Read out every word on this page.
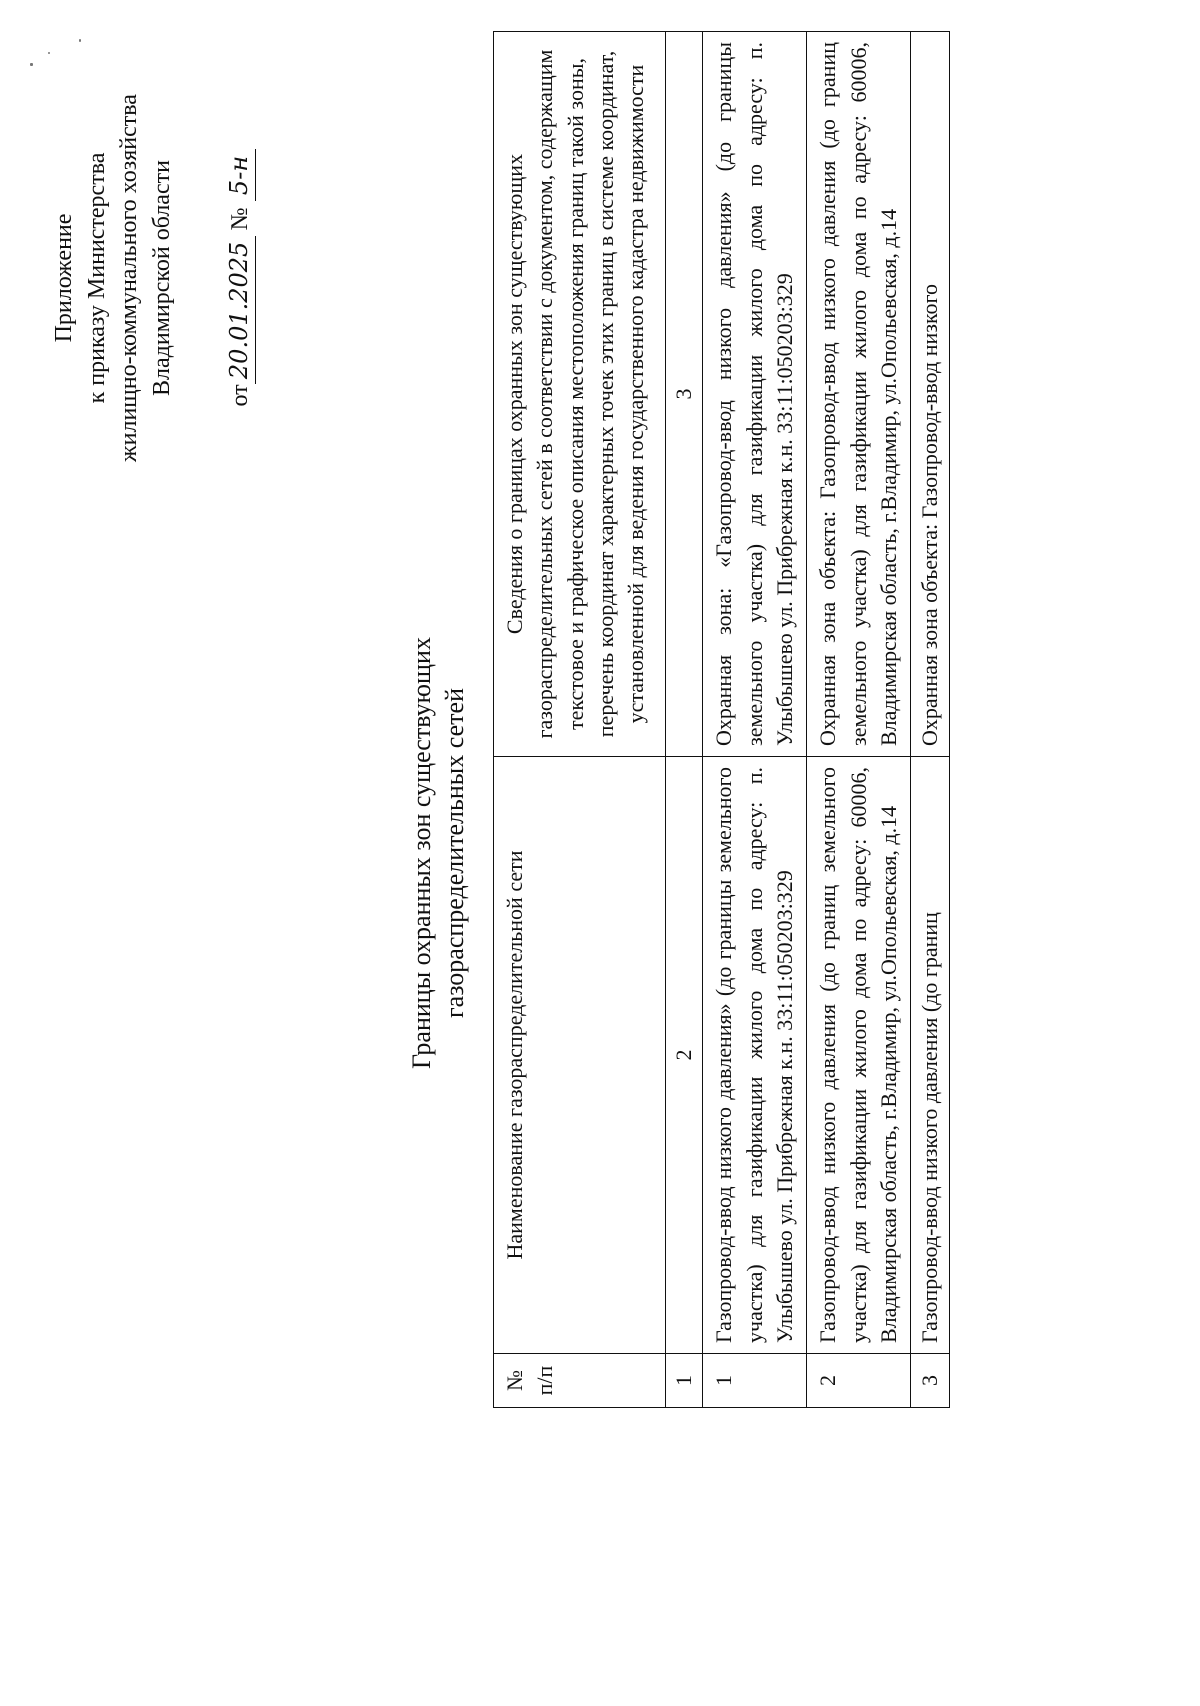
Приложение к приказу Министерства жилищно-коммунального хозяйства Владимирской области от20.01.2025 № 5-н
Границы охранных зон существующих газораспределительных сетей
№ п/п	Наименование газораспределительной сети	Сведения о границах охранных зон существующих газораспределительных сетей в соответствии с документом, содержащим текстовое и графическое описания местоположения границ такой зоны, перечень координат характерных точек этих границ в системе координат, установленной для ведения государственного кадастра недвижимости
1	2	3
1	Газопровод-ввод низкого давления» (до границы земельного участка) для газификации жилого дома по адресу: п. Улыбышево ул. Прибрежная к.н. 33:11:050203:329	Охранная зона: «Газопровод-ввод низкого давления» (до границы земельного участка) для газификации жилого дома по адресу: п. Улыбышево ул. Прибрежная к.н. 33:11:050203:329
2	Газопровод-ввод низкого давления (до границ земельного участка) для газификации жилого дома по адресу: 60006, Владимирская область, г.Владимир, ул.Опольевская, д.14	Охранная зона объекта: Газопровод-ввод низкого давления (до границ земельного участка) для газификации жилого дома по адресу: 60006, Владимирская область, г.Владимир, ул.Опольевская, д.14
3	Газопровод-ввод низкого давления (до границ	Охранная зона объекта: Газопровод-ввод низкого
